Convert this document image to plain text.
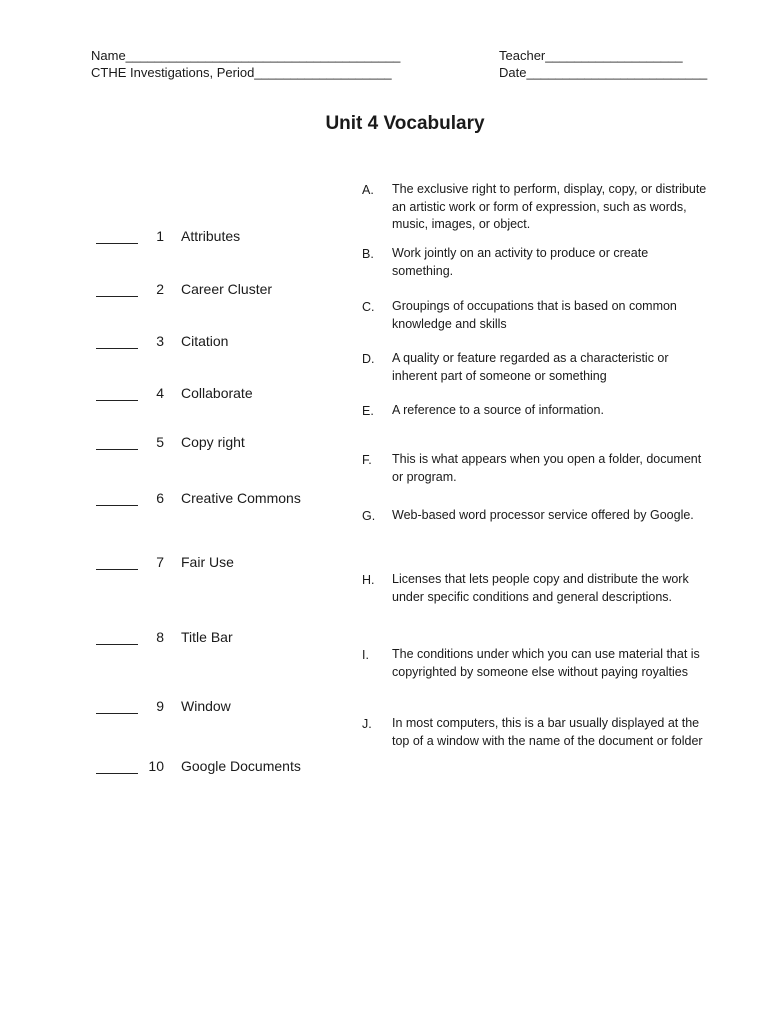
Name______________________________________
CTHE Investigations, Period___________________
Teacher___________________
Date_________________________
Unit 4 Vocabulary
1 Attributes
2 Career Cluster
3 Citation
4 Collaborate
5 Copy right
6 Creative Commons
7 Fair Use
8 Title Bar
9 Window
10 Google Documents
A. The exclusive right to perform, display, copy, or distribute an artistic work or form of expression, such as words, music, images, or object.
B. Work jointly on an activity to produce or create something.
C. Groupings of occupations that is based on common knowledge and skills
D. A quality or feature regarded as a characteristic or inherent part of someone or something
E. A reference to a source of information.
F. This is what appears when you open a folder, document or program.
G. Web-based word processor service offered by Google.
H. Licenses that lets people copy and distribute the work under specific conditions and general descriptions.
I. The conditions under which you can use material that is copyrighted by someone else without paying royalties
J. In most computers, this is a bar usually displayed at the top of a window with the name of the document or folder
